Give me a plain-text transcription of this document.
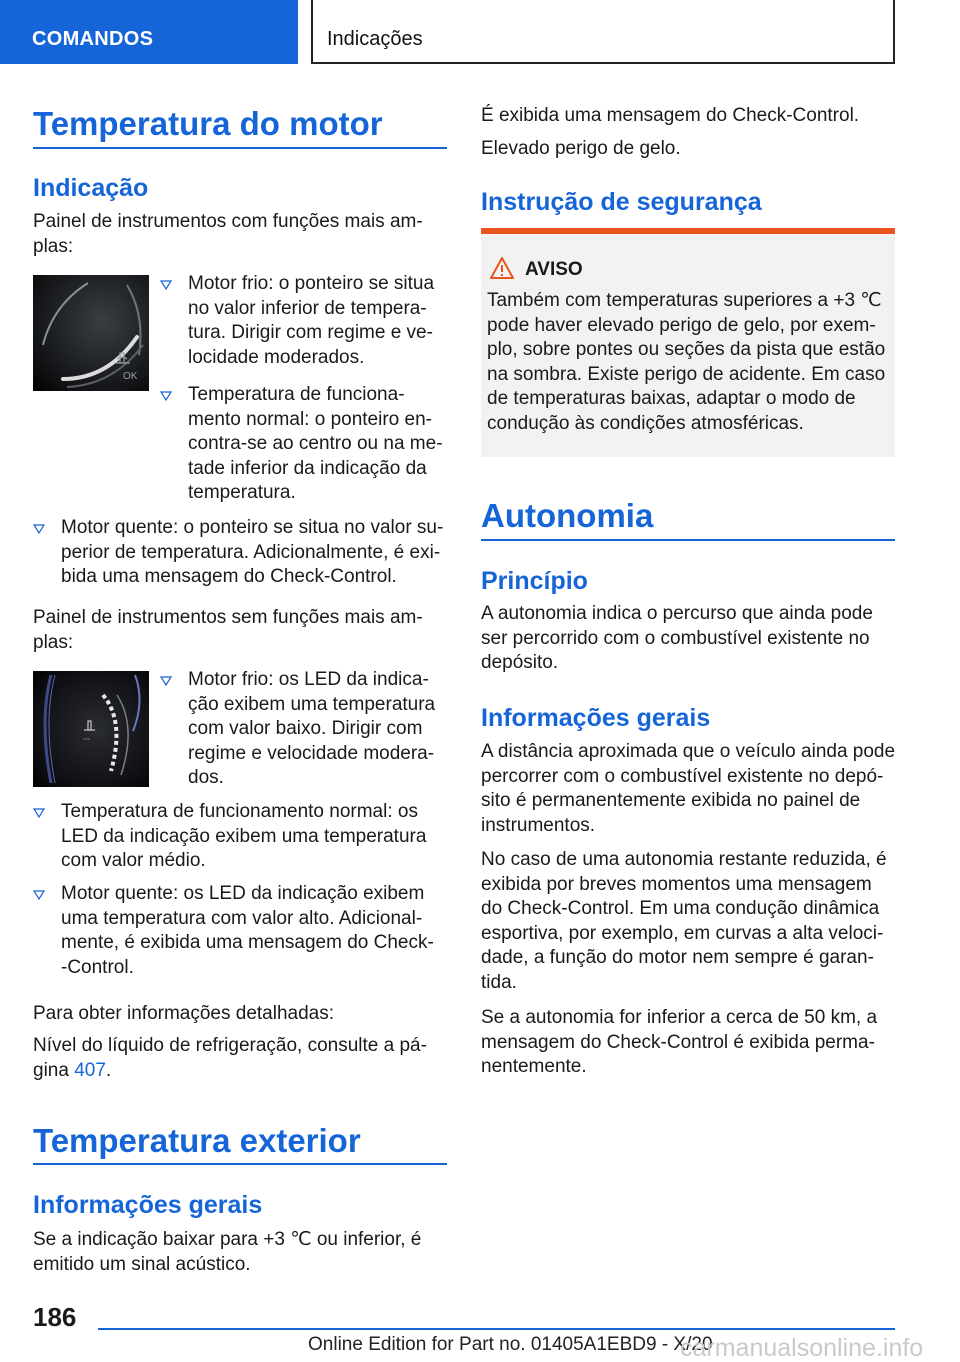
COMANDOS	Indicações
Temperatura do motor
Indicação
Painel de instrumentos com funções mais am-
plas:
OK
Motor frio: o ponteiro se situa
no valor inferior de tempera-
tura. Dirigir com regime e ve-
locidade moderados.
Temperatura de funciona-
mento normal: o ponteiro en-
contra-se ao centro ou na me-
tade inferior da indicação da
temperatura.
Motor quente: o ponteiro se situa no valor su-
perior de temperatura. Adicionalmente, é exi-
bida uma mensagem do Check-Control.
Painel de instrumentos sem funções mais am-
plas:
~~
Motor frio: os LED da indica-
ção exibem uma temperatura
com valor baixo. Dirigir com
regime e velocidade modera-
dos.
Temperatura de funcionamento normal: os
LED da indicação exibem uma temperatura
com valor médio.
Motor quente: os LED da indicação exibem
uma temperatura com valor alto. Adicional-
mente, é exibida uma mensagem do Check-
-Control.
Para obter informações detalhadas:
Nível do líquido de refrigeração, consulte a pá-
gina 407.
Temperatura exterior
Informações gerais
Se a indicação baixar para +3 ℃ ou inferior, é
emitido um sinal acústico.
É exibida uma mensagem do Check-Control.
Elevado perigo de gelo.
Instrução de segurança
AVISO
Também com temperaturas superiores a +3 ℃
pode haver elevado perigo de gelo, por exem-
plo, sobre pontes ou seções da pista que estão
na sombra. Existe perigo de acidente. Em caso
de temperaturas baixas, adaptar o modo de
condução às condições atmosféricas.
Autonomia
Princípio
A autonomia indica o percurso que ainda pode
ser percorrido com o combustível existente no
depósito.
Informações gerais
A distância aproximada que o veículo ainda pode
percorrer com o combustível existente no depó-
sito é permanentemente exibida no painel de
instrumentos.
No caso de uma autonomia restante reduzida, é
exibida por breves momentos uma mensagem
do Check-Control. Em uma condução dinâmica
esportiva, por exemplo, em curvas a alta veloci-
dade, a função do motor nem sempre é garan-
tida.
Se a autonomia for inferior a cerca de 50 km, a
mensagem do Check-Control é exibida perma-
nentemente.
186
Online Edition for Part no. 01405A1EBD9 - X/20
carmanualsonline.info
